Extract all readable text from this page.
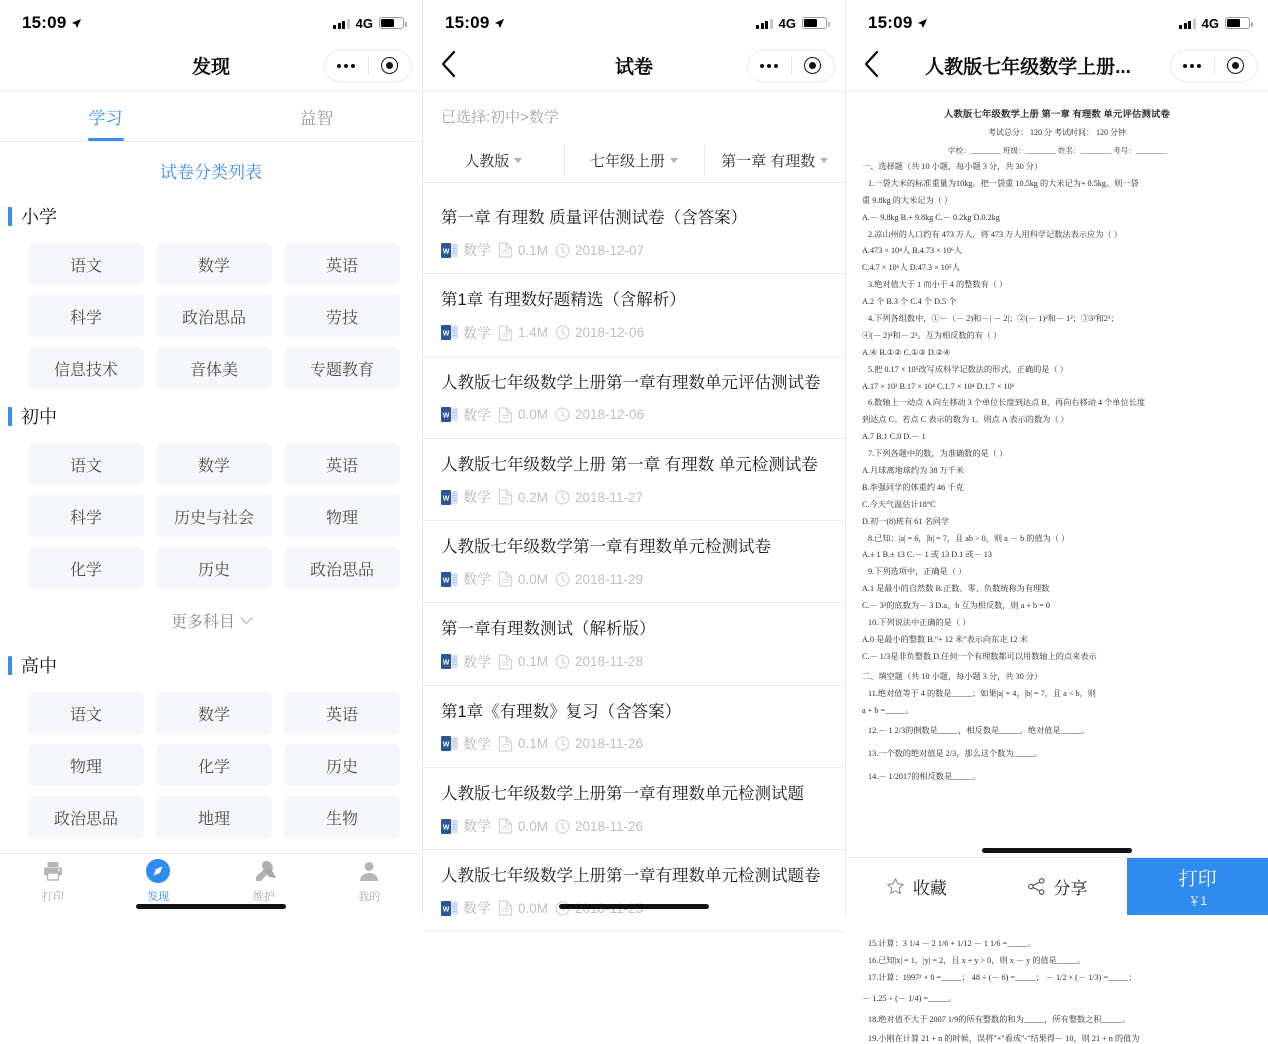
15:09	4G
发现
学习	益智
试卷分类列表
小学
语文	数学	英语
科学	政治思品	劳技
信息技术	音体美	专题教育
初中
语文	数学	英语
科学	历史与社会	物理
化学	历史	政治思品
更多科目
高中
语文	数学	英语
物理	化学	历史
政治思品	地理	生物
打印	发现	维护	我的
15:09	4G
试卷
已选择:初中>数学
人教版	七年级上册	第一章 有理数
第一章 有理数 质量评估测试卷（含答案）
W 数学 0.1M 2018-12-07
第1章 有理数好题精选（含解析）
W 数学 1.4M 2018-12-06
人教版七年级数学上册第一章有理数单元评估测试卷
W 数学 0.0M 2018-12-06
人教版七年级数学上册 第一章 有理数 单元检测试卷
W 数学 0.2M 2018-11-27
人教版七年级数学第一章有理数单元检测试卷
W 数学 0.0M 2018-11-29
第一章有理数测试（解析版）
W 数学 0.1M 2018-11-28
第1章《有理数》复习（含答案）
W 数学 0.1M 2018-11-26
人教版七年级数学上册第一章有理数单元检测试题
W 数学 0.0M 2018-11-26
人教版七年级数学上册第一章有理数单元检测试题卷
W 数学 0.0M
15:09	4G
人教版七年级数学上册...
人教版七年级数学上册 第一章 有理数 单元评估测试卷
考试总分： 120 分 考试时间： 120 分钟
学校：________ 班级：________ 姓名：________ 考号：________
一、选择题（共 10 小题，每小题 3 分，共 30 分）
1.一袋大米的标准重量为10kg。把一袋重 10.5kg 的大米记为+ 0.5kg。则一袋
重 9.8kg 的大米记为（ ）
A.－ 9.8kg B.+ 9.8kg C.－ 0.2kg D.0.2kg
2.凉山州的人口约有 473 万人，将 473 万人用科学记数法表示应为（ ）
A.473 × 10⁴人 B.4.73 × 10⁶人
C.4.7 × 10⁶人 D.47.3 × 10⁵人
3.绝对值大于 1 而小于 4 的整数有（ ）
A.2 个 B.3 个 C.4 个 D.5 个
4.下列各组数中，①－（－ 2)和－| － 2|；②(－ 1)²和－ 1²；③3²和2³；
④(－ 2)³和－ 2³。互为相反数的有（ ）
A.④ B.①② C.①③ D.②④
5.把 0.17 × 10⁵改写成科学记数法的形式，正确的是（ ）
A.17 × 10³ B.17 × 10⁴ C.1.7 × 10⁴ D.1.7 × 10⁶
6.数轴上一动点 A 向左移动 3 个单位长度到达点 B，再向右移动 4 个单位长度
到达点 C。若点 C 表示的数为 1。则点 A 表示的数为（ ）
A.7 B.1 C.0 D.－ 1
7.下列各题中的数，为准确数的是（ ）
A.月球离地球约为 38 万千米
B.李强同学的体重约 46 千克
C.今天气温估计18°C
D.初一(8)班有 61 名同学
8.已知：|a| = 6，|b| = 7，且 ab > 0，则 a － b 的值为（ ）
A.± 1 B.± 13 C.－ 1 或 13 D.1 或－ 13
9.下列选项中，正确是（ ）
A.1 是最小的自然数 B.正数、零、负数统称为有理数
C.－ 3²的底数为－ 3 D.a、b 互为相反数，则 a + b = 0
10.下列说法中正确的是（ ）
A.0 是最小的整数 B."+ 12 米"表示向东走 12 米
C.－ 1/3是非负整数 D.任何一个有理数都可以用数轴上的点来表示
二、填空题（共 10 小题，每小题 3 分，共 30 分）
11.绝对值等于 4 的数是_____；如果|a| = 4，|b| = 7，且 a < b，则
a + b =_____。
12.－ 1 2/3的倒数是_____，相反数是_____，绝对值是_____。
13.一个数的绝对值是 2/3，那么这个数为_____。
14.－ 1/2017的相反数是_____。
15.计算：3 1/4 － 2 1/6 + 1/12 － 1 1/6 =_____。
16.已知|x| = 1，|y| = 2，且 x + y > 0，则 x － y 的值是_____。
17.计算：1997² × 0 =_____； 48 ÷ (－ 6) =_____； － 1/2 × (－ 1/3) =_____；
－ 1.25 ÷ (－ 1/4) =_____。
18.绝对值不大于 2007 1/9的所有整数的和为_____，所有整数之积_____。
19.小刚在计算 21 + n 的时候，误将"+"看成"-"结果得－ 10，则 21 + n 的值为
收藏	分享	打印
￥1
